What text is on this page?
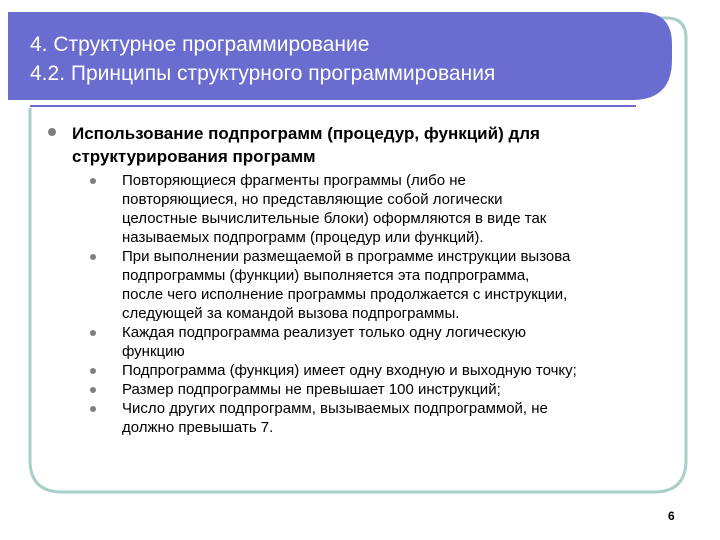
4. Структурное программирование
4.2. Принципы структурного программирования
Использование подпрограмм (процедур, функций) для
структурирования программ
Повторяющиеся фрагменты программы (либо не
повторяющиеся, но представляющие собой логически
целостные вычислительные блоки) оформляются в виде так
называемых подпрограмм (процедур или функций).
При выполнении размещаемой в программе инструкции вызова
подпрограммы (функции) выполняется эта подпрограмма,
после чего исполнение программы продолжается с инструкции,
следующей за командой вызова подпрограммы.
Каждая подпрограмма реализует только одну логическую
функцию
Подпрограмма (функция) имеет одну входную и выходную точку;
Размер подпрограммы не превышает 100 инструкций;
Число других подпрограмм, вызываемых подпрограммой, не
должно превышать 7.
6
